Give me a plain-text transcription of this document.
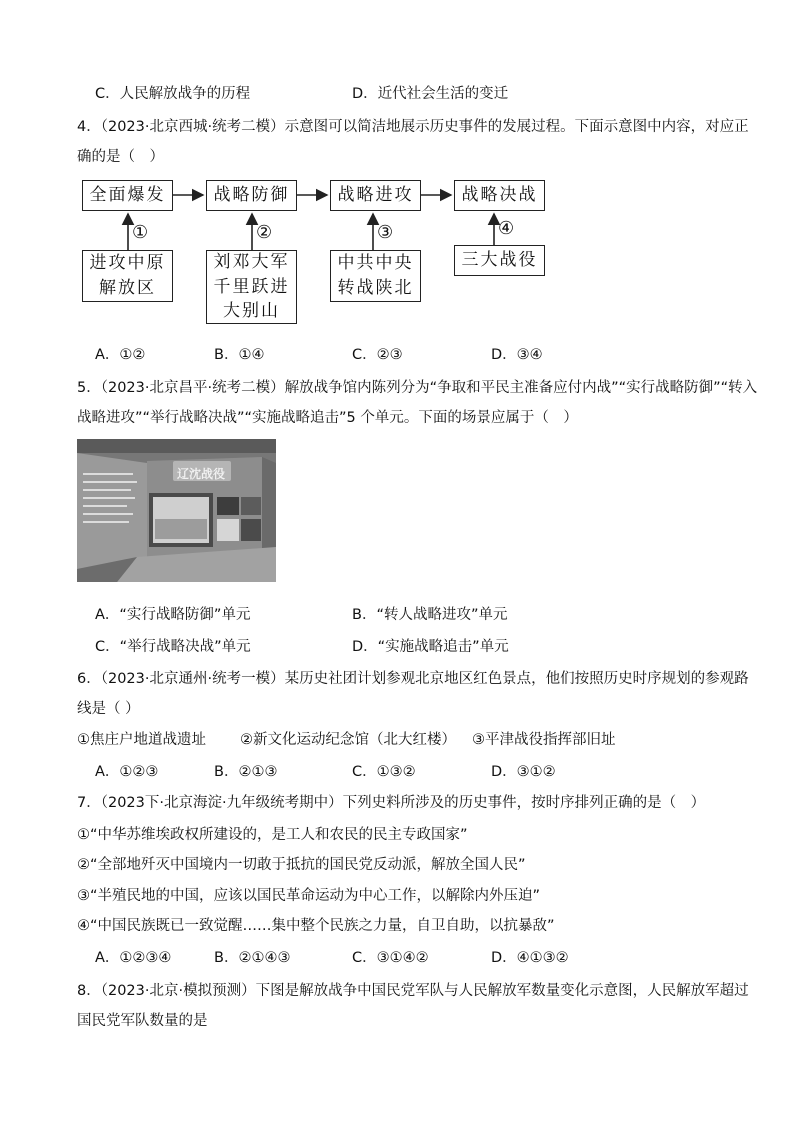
C．人民解放战争的历程	D．近代社会生活的变迁
4．（2023·北京西城·统考二模）示意图可以简洁地展示历史事件的发展过程。下面示意图中内容，对应正
确的是（　）
全面爆发	战略防御	战略进攻	战略决战
①	②	③	④
进攻中原
解放区
刘邓大军
千里跃进
大别山
中共中央
转战陕北
三大战役
A．①②	B．①④	C．②③	D．③④
5．（2023·北京昌平·统考二模）解放战争馆内陈列分为“争取和平民主准备应付内战”“实行战略防御”“转入
战略进攻”“举行战略决战”“实施战略追击”5 个单元。下面的场景应属于（　）
辽沈战役
A．“实行战略防御”单元	B．“转人战略进攻”单元
C．“举行战略决战”单元	D．“实施战略追击”单元
6．（2023·北京通州·统考一模）某历史社团计划参观北京地区红色景点，他们按照历史时序规划的参观路
线是（ ）
①焦庄户地道战遗址 ②新文化运动纪念馆（北大红楼） ③平津战役指挥部旧址
A．①②③	B．②①③	C．①③②	D．③①②
7．（2023下·北京海淀·九年级统考期中）下列史料所涉及的历史事件，按时序排列正确的是（　）
①“中华苏维埃政权所建设的，是工人和农民的民主专政国家”
②“全部地歼灭中国境内一切敢于抵抗的国民党反动派，解放全国人民”
③“半殖民地的中国，应该以国民革命运动为中心工作，以解除内外压迫”
④“中国民族既已一致觉醒……集中整个民族之力量，自卫自助，以抗暴敌”
A．①②③④	B．②①④③	C．③①④②	D．④①③②
8．（2023·北京·模拟预测）下图是解放战争中国民党军队与人民解放军数量变化示意图，人民解放军超过
国民党军队数量的是
